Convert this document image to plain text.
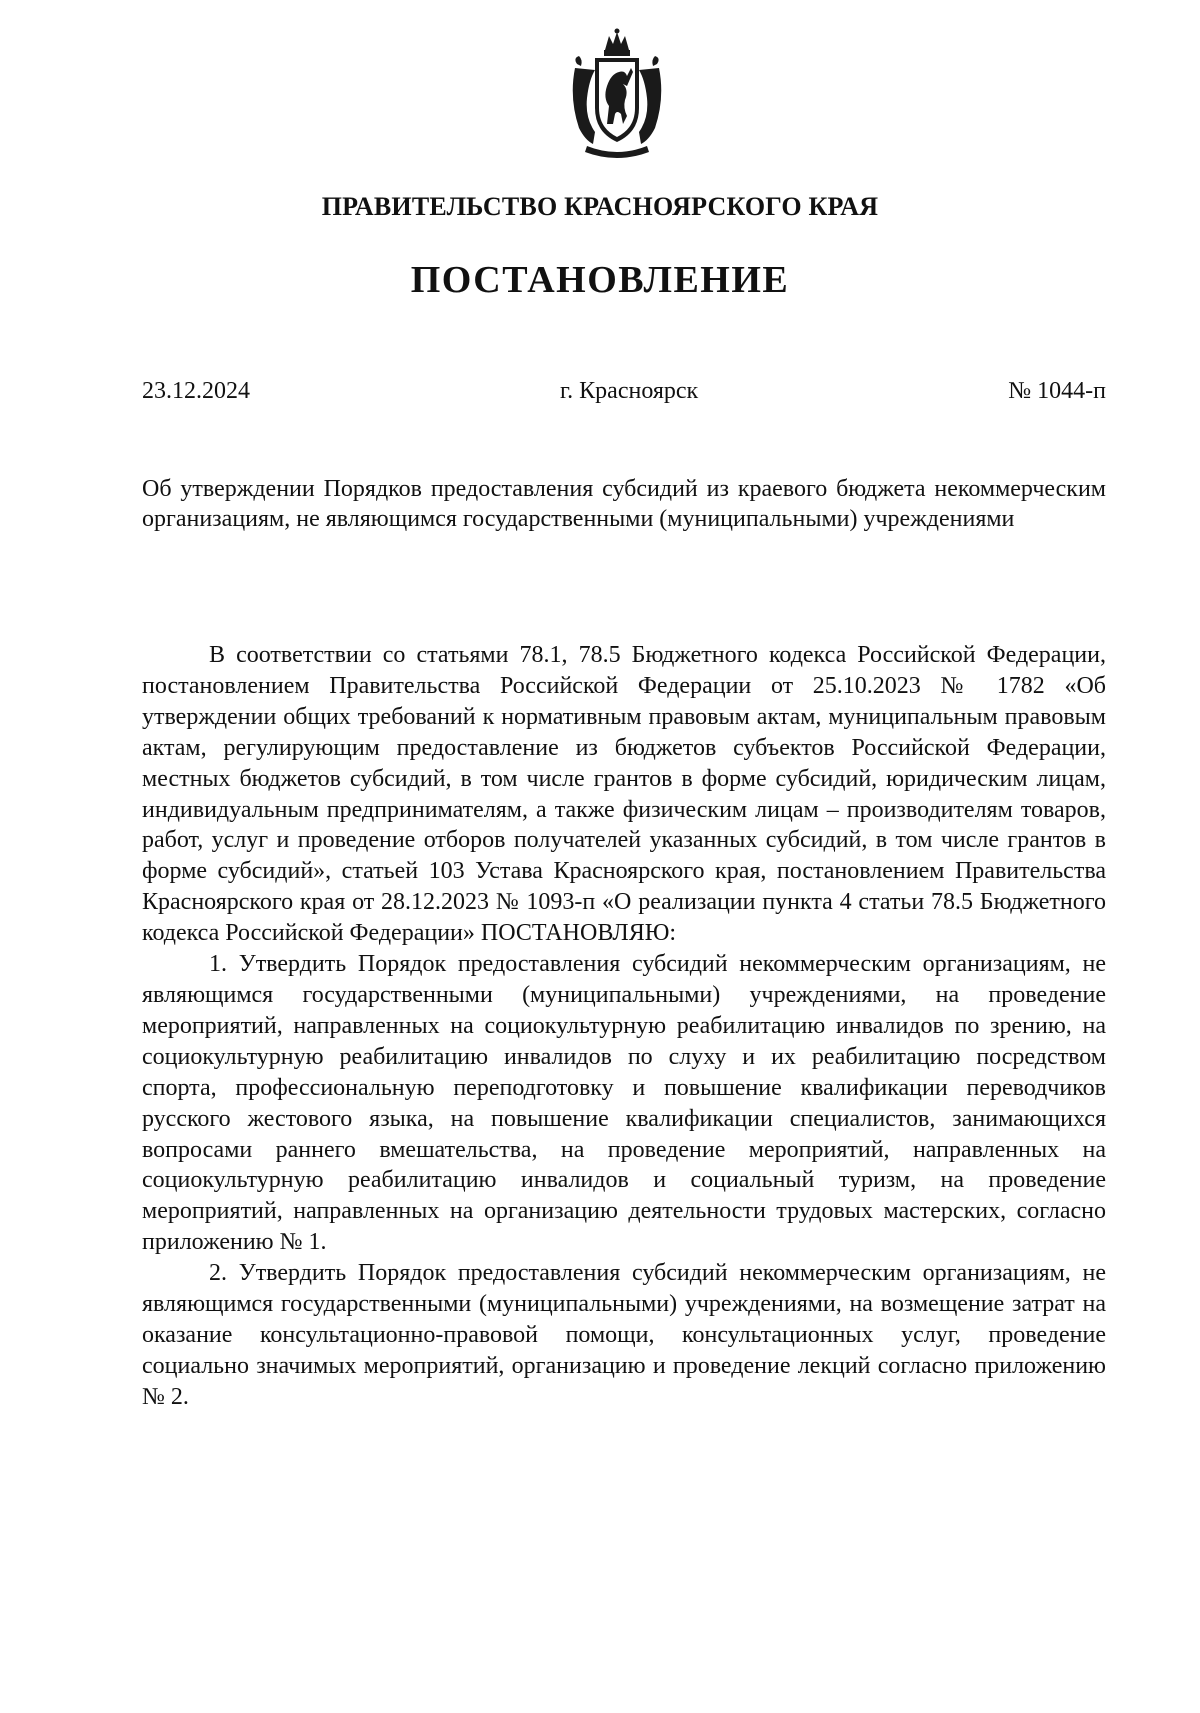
ПРАВИТЕЛЬСТВО КРАСНОЯРСКОГО КРАЯ
ПОСТАНОВЛЕНИЕ
23.12.2024	г. Красноярск	№ 1044-п
Об утверждении Порядков предоставления субсидий из краевого бюджета некоммерческим организациям, не являющимся государственными (муниципальными) учреждениями

В соответствии со статьями 78.1, 78.5 Бюджетного кодекса Российской Федерации, постановлением Правительства Российской Федерации от 25.10.2023 № 1782 «Об утверждении общих требований к нормативным правовым актам, муниципальным правовым актам, регулирующим предоставление из бюджетов субъектов Российской Федерации, местных бюджетов субсидий, в том числе грантов в форме субсидий, юридическим лицам, индивидуальным предпринимателям, а также физическим лицам – производителям товаров, работ, услуг и проведение отборов получателей указанных субсидий, в том числе грантов в форме субсидий», статьей 103 Устава Красноярского края, постановлением Правительства Красноярского края от 28.12.2023 № 1093-п «О реализации пункта 4 статьи 78.5 Бюджетного кодекса Российской Федерации» ПОСТАНОВЛЯЮ:

1. Утвердить Порядок предоставления субсидий некоммерческим организациям, не являющимся государственными (муниципальными) учреждениями, на проведение мероприятий, направленных на социокультурную реабилитацию инвалидов по зрению, на социокультурную реабилитацию инвалидов по слуху и их реабилитацию посредством спорта, профессиональную переподготовку и повышение квалификации переводчиков русского жестового языка, на повышение квалификации специалистов, занимающихся вопросами раннего вмешательства, на проведение мероприятий, направленных на социокультурную реабилитацию инвалидов и социальный туризм, на проведение мероприятий, направленных на организацию деятельности трудовых мастерских, согласно приложению № 1.

2. Утвердить Порядок предоставления субсидий некоммерческим организациям, не являющимся государственными (муниципальными) учреждениями, на возмещение затрат на оказание консультационно-правовой помощи, консультационных услуг, проведение социально значимых мероприятий, организацию и проведение лекций согласно приложению № 2.
